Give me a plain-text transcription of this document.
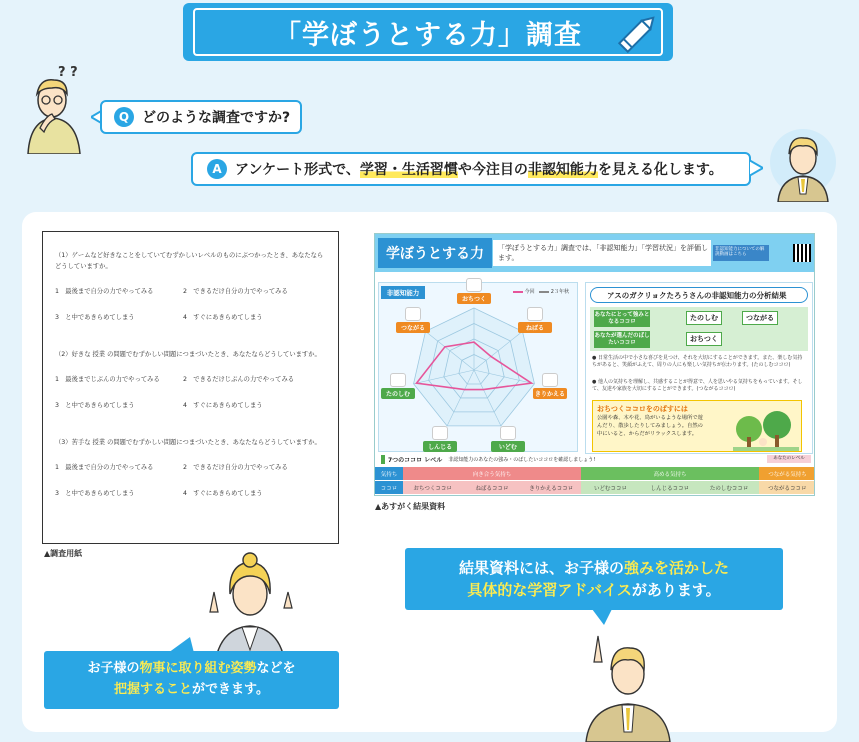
「学ぼうとする力」調査
? ?
Q どのような調査ですか?
A アンケート形式で、学習・生活習慣や今注目の非認知能力を見える化します。

（1）ゲームなど好きなことをしていてむずかしいレベルのものにぶつかったとき、あなたならどうしていますか。

1　最後まで自分の力でやってみる	2　できるだけ自分の力でやってみる
3　と中であきらめてしまう	4　すぐにあきらめてしまう

（2）好きな 授業 の問題でむずかしい問題につまづいたとき、あなたならどうしていますか。

1　最後までじぶんの力でやってみる	2　できるだけじぶんの力でやってみる
3　と中であきらめてしまう	4　すぐにあきらめてしまう

（3）苦手な 授業 の問題でむずかしい問題につまづいたとき、あなたならどうしていますか。

1　最後まで自分の力でやってみる	2　できるだけ自分の力でやってみる
3　と中であきらめてしまう	4　すぐにあきらめてしまう
▲調査用紙
学ぼうとする力	「学ぼうとする力」調査では、「非認知能力」「学習状況」を評価します。
非認知能力についての解説動画はこちら
非認知能力	今回	2３年秋
おちつく
ねばる
きりかえる
いどむ
しんじる
たのしむ
つながる
アスのガクリョクたろうさんの非認知能力の分析結果
あなたにとって強みとなるココロ	たのしむ	つながる
あなたが選んだのばしたいココロ	おちつく
● 日常生活の中で小さな喜びを見つけ、それを大切にすることができます。また、楽しむ気持ちがあると、笑顔がふえて、周りの人にも楽しい気持ちが伝わります。(たのしむココロ)
● 他人の気持ちを理解し、共感することが得意で、人を思いやる気持ちをもっています。そして、友達や家族を大切にすることができます。(つながるココロ)
おちつくココロをのばすには
公園や森、木や花、鳥がいるような場所で遊んだり、散歩したりしてみましょう。自然の中にいると、からだがリラックスします。
7つのココロ レベル 非認知能力のあなたの強み・のばしたいココロを確認しましょう!	あなたのレベル
気持ち	向き合う気持ち	高める気持ち	つながる気持ち
ココロ	おちつくココロ	ねばるココロ	きりかえるココロ	いどむココロ	しんじるココロ	たのしむココロ	つながるココロ
▲あすがく結果資料
結果資料には、お子様の強みを活かした
具体的な学習アドバイスがあります。
お子様の物事に取り組む姿勢などを
把握することができます。
